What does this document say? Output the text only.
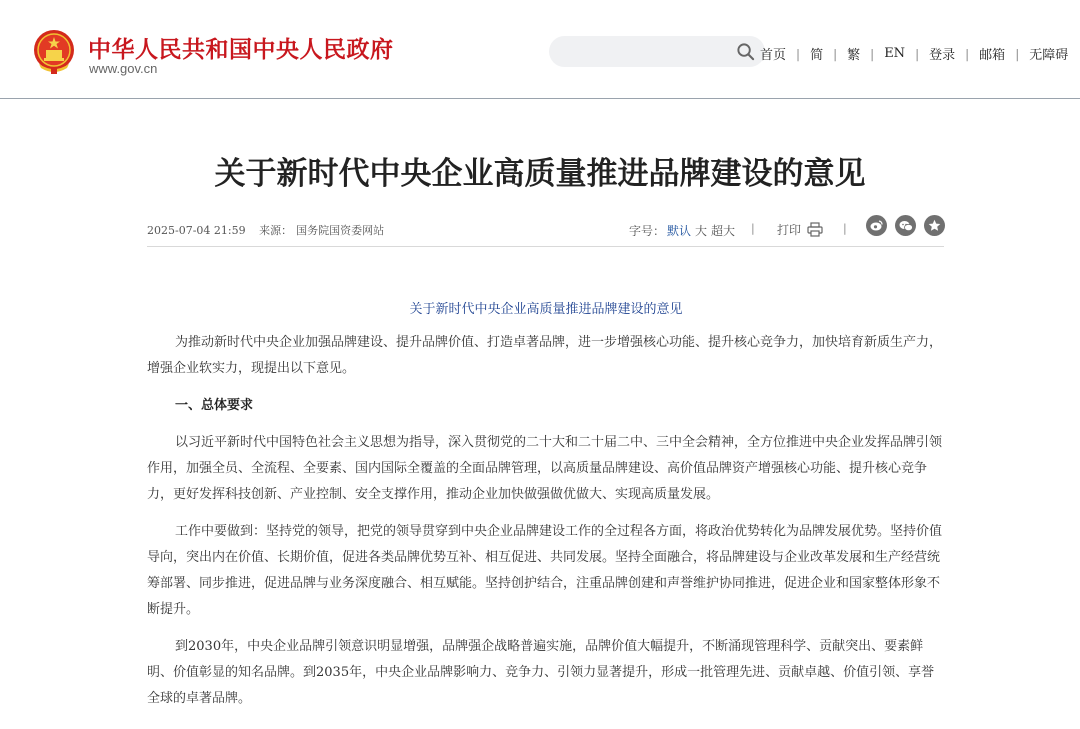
中华人民共和国中央人民政府
www.gov.cn
首页 | 简 | 繁 | EN | 登录 | 邮箱 | 无障碍
关于新时代中央企业高质量推进品牌建设的意见
2025-07-04 21:59 来源： 国务院国资委网站	字号： 默认 大 超大 | 打印	|
关于新时代中央企业高质量推进品牌建设的意见

为推动新时代中央企业加强品牌建设、提升品牌价值、打造卓著品牌，进一步增强核心功能、提升核心竞争力，加快培育新质生产力，增强企业软实力，现提出以下意见。

一、总体要求

以习近平新时代中国特色社会主义思想为指导，深入贯彻党的二十大和二十届二中、三中全会精神，全方位推进中央企业发挥品牌引领作用，加强全员、全流程、全要素、国内国际全覆盖的全面品牌管理，以高质量品牌建设、高价值品牌资产增强核心功能、提升核心竞争力，更好发挥科技创新、产业控制、安全支撑作用，推动企业加快做强做优做大、实现高质量发展。

工作中要做到：坚持党的领导，把党的领导贯穿到中央企业品牌建设工作的全过程各方面，将政治优势转化为品牌发展优势。坚持价值导向，突出内在价值、长期价值，促进各类品牌优势互补、相互促进、共同发展。坚持全面融合，将品牌建设与企业改革发展和生产经营统筹部署、同步推进，促进品牌与业务深度融合、相互赋能。坚持创护结合，注重品牌创建和声誉维护协同推进，促进企业和国家整体形象不断提升。

到2030年，中央企业品牌引领意识明显增强，品牌强企战略普遍实施，品牌价值大幅提升，不断涌现管理科学、贡献突出、要素鲜明、价值彰显的知名品牌。到2035年，中央企业品牌影响力、竞争力、引领力显著提升，形成一批管理先进、贡献卓越、价值引领、享誉全球的卓著品牌。
